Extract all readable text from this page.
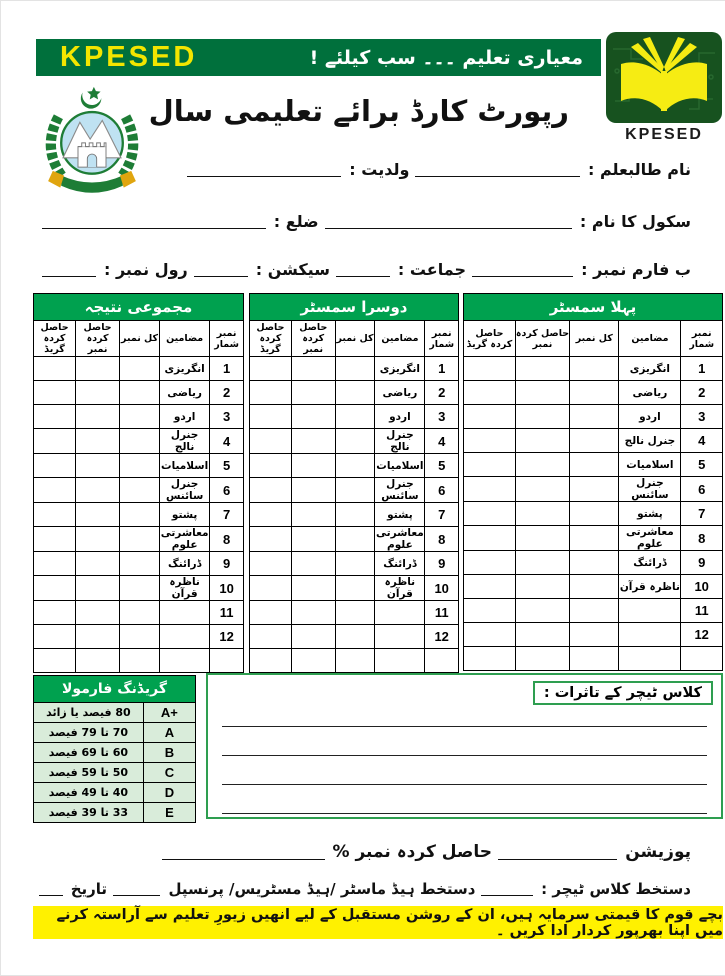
KPESED	معیاری تعلیم ۔۔۔ سب کیلئے !
KPESED
رپورٹ کارڈ برائے تعلیمی سال
نام طالبعلم :
ولدیت :
سکول کا نام :
ضلع :
ب فارم نمبر :
جماعت :
سیکشن :
رول نمبر :
پہلا سمسٹر
نمبر شمار	مضامین	کل نمبر	حاصل کردہ نمبر	حاصل کردہ گریڈ
1	انگریزی			
2	ریاضی			
3	اردو			
4	جنرل نالج			
5	اسلامیات			
6	جنرل سائنس			
7	پشتو			
8	معاشرتی علوم			
9	ڈرائنگ			
10	ناظرہ قرآن			
11				
12				

دوسرا سمسٹر
نمبر شمار	مضامین	کل نمبر	حاصل کردہ نمبر	حاصل کردہ گریڈ
1	انگریزی			
2	ریاضی			
3	اردو			
4	جنرل نالج			
5	اسلامیات			
6	جنرل سائنس			
7	پشتو			
8	معاشرتی علوم			
9	ڈرائنگ			
10	ناظرہ قرآن			
11				
12				

مجموعی نتیجہ
نمبر شمار	مضامین	کل نمبر	حاصل کردہ نمبر	حاصل کردہ گریڈ
1	انگریزی			
2	ریاضی			
3	اردو			
4	جنرل نالج			
5	اسلامیات			
6	جنرل سائنس			
7	پشتو			
8	معاشرتی علوم			
9	ڈرائنگ			
10	ناظرہ قرآن			
11				
12				

گریڈنگ فارمولا
80 فیصد یا زائد	A+
70 تا 79 فیصد	A
60 تا 69 فیصد	B
50 تا 59 فیصد	C
40 تا 49 فیصد	D
33 تا 39 فیصد	E
کلاس ٹیچر کے تاثرات :
پوزیشن
حاصل کردہ نمبر %
دستخط کلاس ٹیچر :
دستخط ہیڈ ماسٹر /ہیڈ مسٹریس/ پرنسپل
تاریخ
بچے قوم کا قیمتی سرمایہ ہیں، ان کے روشن مستقبل کے لیے انھیں زیورِ تعلیم سے آراستہ کرنے میں اپنا بھرپور کردار ادا کریں ۔
